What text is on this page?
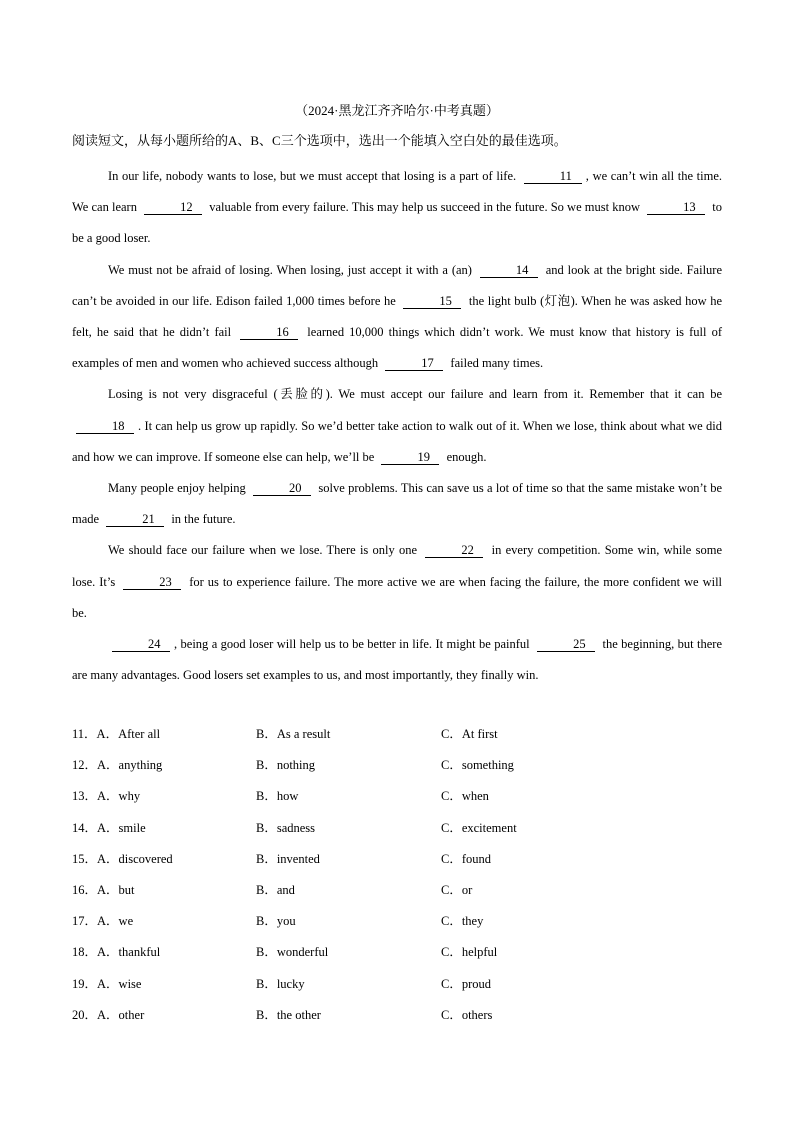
（2024·黑龙江齐齐哈尔·中考真题）
阅读短文，从每小题所给的A、B、C三个选项中，选出一个能填入空白处的最佳选项。

In our life, nobody wants to lose, but we must accept that losing is a part of life.	11 , we can’t win all the time. We can learn	12 valuable from every failure. This may help us succeed in the future. So we must know	13 to be a good loser.

We must not be afraid of losing. When losing, just accept it with a (an)	14 and look at the bright side. Failure can’t be avoided in our life. Edison failed 1,000 times before he	15 the light bulb (灯泡). When he was asked how he felt, he said that he didn’t fail	16 learned 10,000 things which didn’t work. We must know that history is full of examples of men and women who achieved success although	17 failed many times.

Losing is not very disgraceful (丢脸的). We must accept our failure and learn from it. Remember that it can be 18 . It can help us grow up rapidly. So we’d better take action to walk out of it. When we lose, think about what we did and how we can improve. If someone else can help, we’ll be	19 enough.

Many people enjoy helping	20 solve problems. This can save us a lot of time so that the same mistake won’t be made	21 in the future.

We should face our failure when we lose. There is only one	22 in every competition. Some win, while some lose. It’s	23 for us to experience failure. The more active we are when facing the failure, the more confident we will be.

24 , being a good loser will help us to be better in life. It might be painful	25 the beginning, but there are many advantages. Good losers set examples to us, and most importantly, they finally win.

11．A．After all	B．As a result	C．At first
12．A．anything	B．nothing	C．something
13．A．why	B．how	C．when
14．A．smile	B．sadness	C．excitement
15．A．discovered	B．invented	C．found
16．A．but	B．and	C．or
17．A．we	B．you	C．they
18．A．thankful	B．wonderful	C．helpful
19．A．wise	B．lucky	C．proud
20．A．other	B．the other	C．others
